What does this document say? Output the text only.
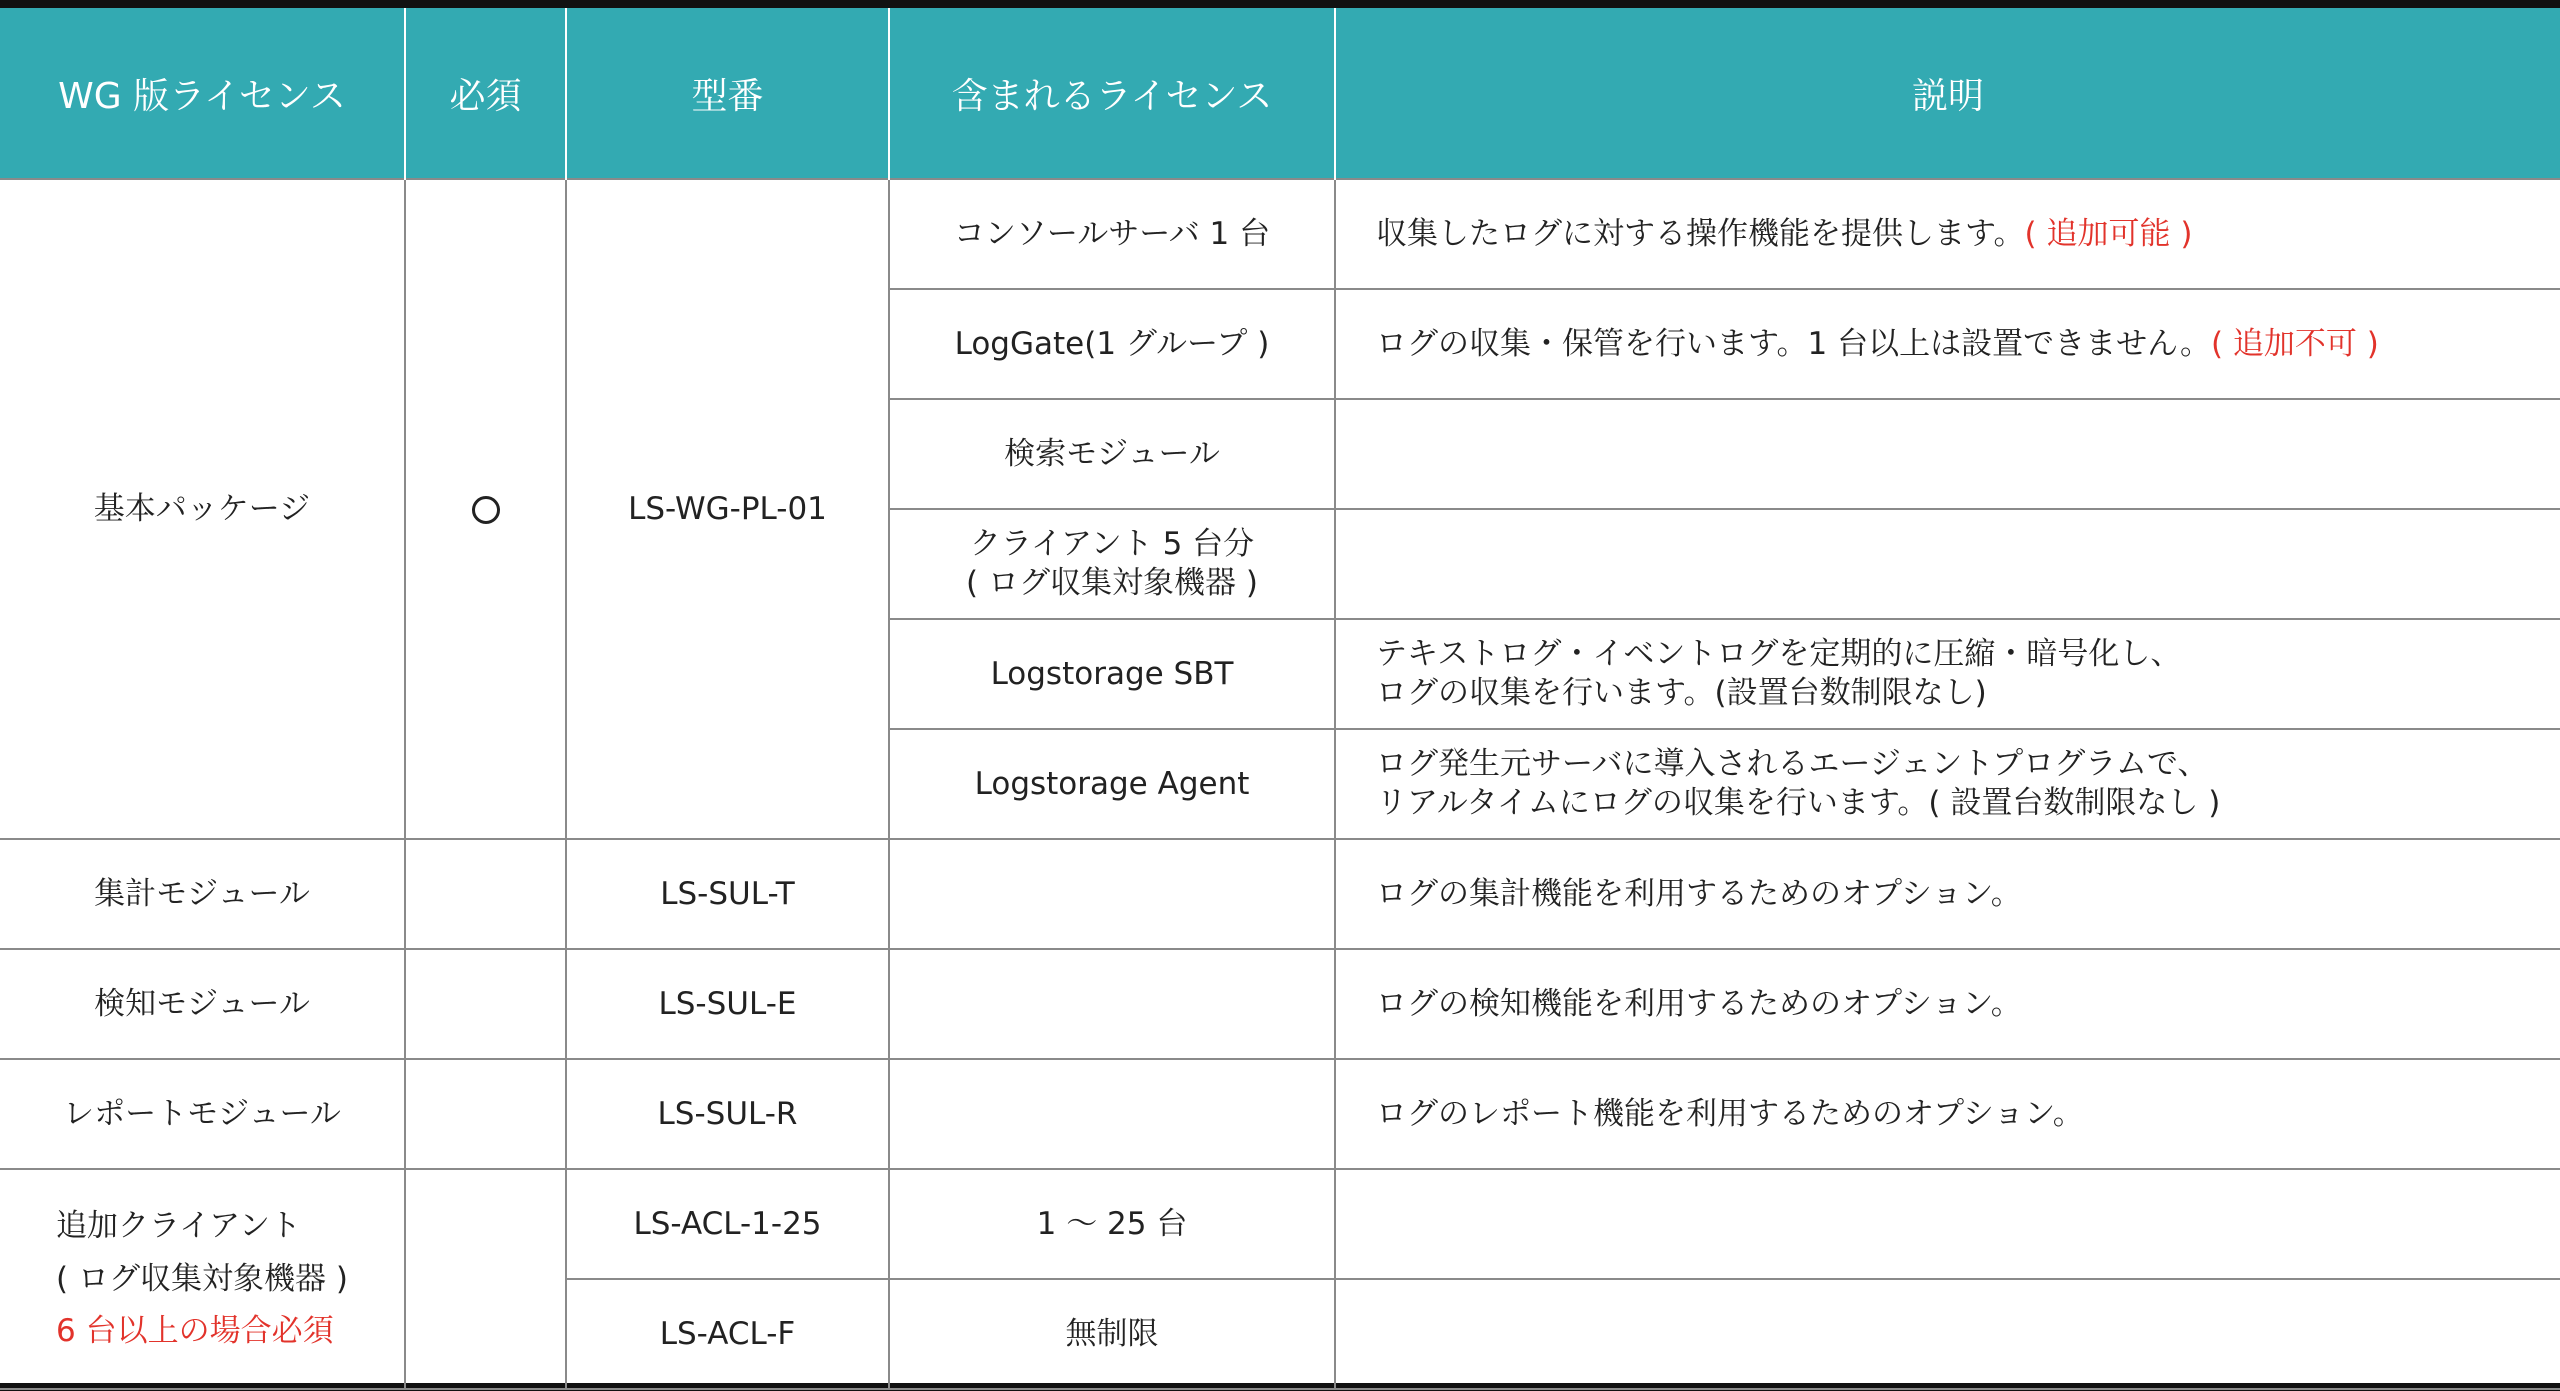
WG 版ライセンス	必須	型番	含まれるライセンス	説明
基本パッケージ		LS-WG-PL-01	コンソールサーバ 1 台	収集したログに対する操作機能を提供します。( 追加可能 )
			LogGate(1 グループ )	ログの収集・保管を行います。1 台以上は設置できません。( 追加不可 )
			検索モジュール	

			クライアント 5 台分
( ログ収集対象機器 )	

			Logstorage SBT	テキストログ・イベントログを定期的に圧縮・暗号化し、
ログの収集を行います。(設置台数制限なし)

			Logstorage Agent	ログ発生元サーバに導入されるエージェントプログラムで、
リアルタイムにログの収集を行います。( 設置台数制限なし )

集計モジュール		LS-SUL-T		ログの集計機能を利用するためのオプション。
検知モジュール		LS-SUL-E		ログの検知機能を利用するためのオプション。
レポートモジュール		LS-SUL-R		ログのレポート機能を利用するためのオプション。

追加クライアント
( ログ収集対象機器 )
6 台以上の場合必須		LS-ACL-1-25	1 〜 25 台	
		LS-ACL-F	無制限	
